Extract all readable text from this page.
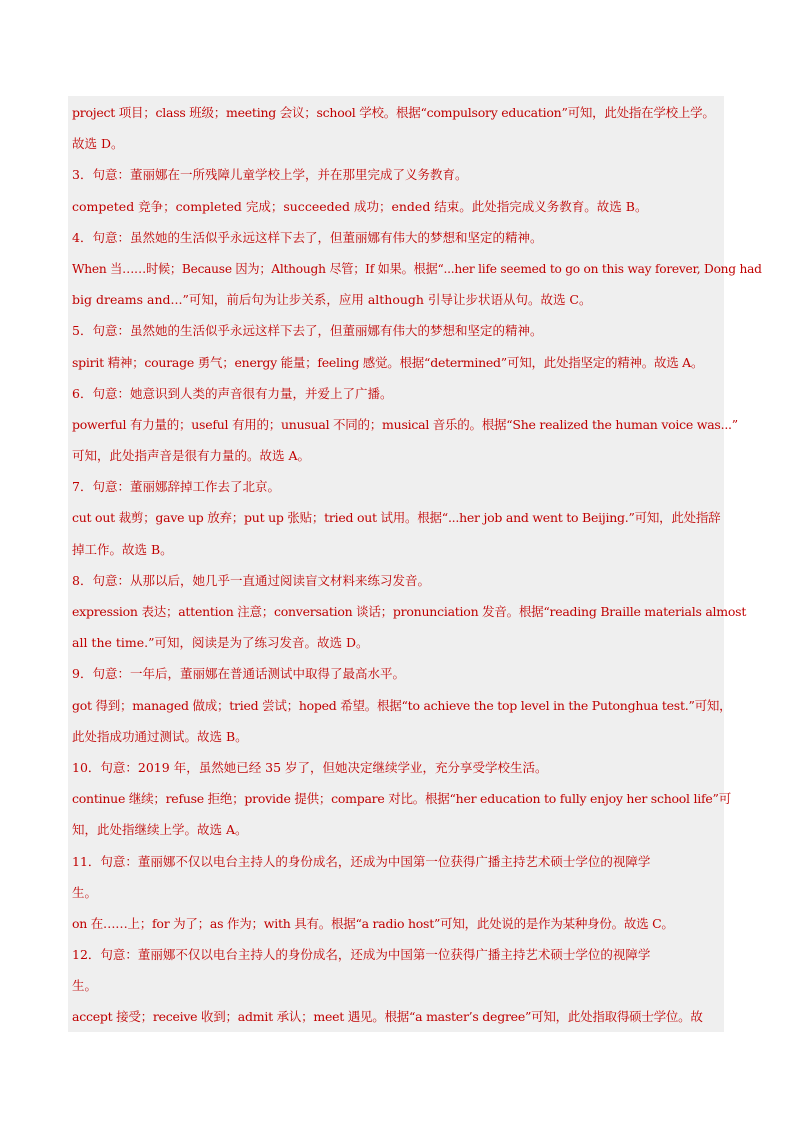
project 项目；class 班级；meeting 会议；school 学校。根据“compulsory education”可知，此处指在学校上学。
故选 D。
3．句意：董丽娜在一所残障儿童学校上学，并在那里完成了义务教育。
competed 竞争；completed 完成；succeeded 成功；ended 结束。此处指完成义务教育。故选 B。
4．句意：虽然她的生活似乎永远这样下去了，但董丽娜有伟大的梦想和坚定的精神。
When 当……时候；Because 因为；Although 尽管；If 如果。根据“...her life seemed to go on this way forever, Dong had
big dreams and...”可知，前后句为让步关系，应用 although 引导让步状语从句。故选 C。
5．句意：虽然她的生活似乎永远这样下去了，但董丽娜有伟大的梦想和坚定的精神。
spirit 精神；courage 勇气；energy 能量；feeling 感觉。根据“determined”可知，此处指坚定的精神。故选 A。
6．句意：她意识到人类的声音很有力量，并爱上了广播。
powerful 有力量的；useful 有用的；unusual 不同的；musical 音乐的。根据“She realized the human voice was...”
可知，此处指声音是很有力量的。故选 A。
7．句意：董丽娜辞掉工作去了北京。
cut out 裁剪；gave up 放弃；put up 张贴；tried out 试用。根据“...her job and went to Beijing.”可知，此处指辞
掉工作。故选 B。
8．句意：从那以后，她几乎一直通过阅读盲文材料来练习发音。
expression 表达；attention 注意；conversation 谈话；pronunciation 发音。根据“reading Braille materials almost
all the time.”可知，阅读是为了练习发音。故选 D。
9．句意：一年后，董丽娜在普通话测试中取得了最高水平。
got 得到；managed 做成；tried 尝试；hoped 希望。根据“to achieve the top level in the Putonghua test.”可知，
此处指成功通过测试。故选 B。
10．句意：2019 年，虽然她已经 35 岁了，但她决定继续学业，充分享受学校生活。
continue 继续；refuse 拒绝；provide 提供；compare 对比。根据“her education to fully enjoy her school life”可
知，此处指继续上学。故选 A。
11．句意：董丽娜不仅以电台主持人的身份成名，还成为中国第一位获得广播主持艺术硕士学位的视障学
生。
on 在……上；for 为了；as 作为；with 具有。根据“a radio host”可知，此处说的是作为某种身份。故选 C。
12．句意：董丽娜不仅以电台主持人的身份成名，还成为中国第一位获得广播主持艺术硕士学位的视障学
生。
accept 接受；receive 收到；admit 承认；meet 遇见。根据“a master’s degree”可知，此处指取得硕士学位。故
